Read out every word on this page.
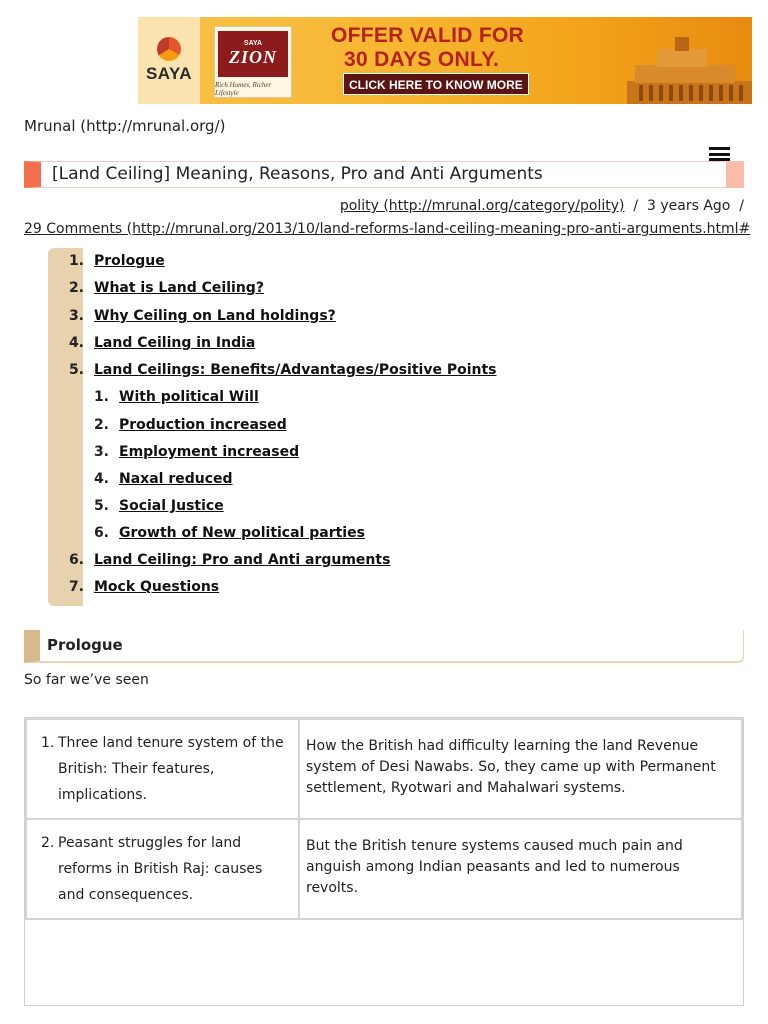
SAYA
SAYA
ZION
Rich Homes, Richer Lifestyle
OFFER VALID FOR
30 DAYS ONLY.
CLICK HERE TO KNOW MORE
Mrunal (http://mrunal.org/)
[Land Ceiling] Meaning, Reasons, Pro and Anti Arguments
polity (http://mrunal.org/category/polity) / 3 years Ago /
29 Comments (http://mrunal.org/2013/10/land-reforms-land-ceiling-meaning-pro-anti-arguments.html#
1. Prologue
2. What is Land Ceiling?
3. Why Ceiling on Land holdings?
4. Land Ceiling in India
5. Land Ceilings: Benefits/Advantages/Positive Points
1. With political Will
2. Production increased
3. Employment increased
4. Naxal reduced
5. Social Justice
6. Growth of New political parties
6. Land Ceiling: Pro and Anti arguments
7. Mock Questions
Prologue
So far we’ve seen
1. Three land tenure system of the British: Their features, implications.	How the British had difficulty learning the land Revenue system of Desi Nawabs. So, they came up with Permanent settlement, Ryotwari and Mahalwari systems.

2. Peasant struggles for land reforms in British Raj: causes and consequences.	But the British tenure systems caused much pain and anguish among Indian peasants and led to numerous revolts.
